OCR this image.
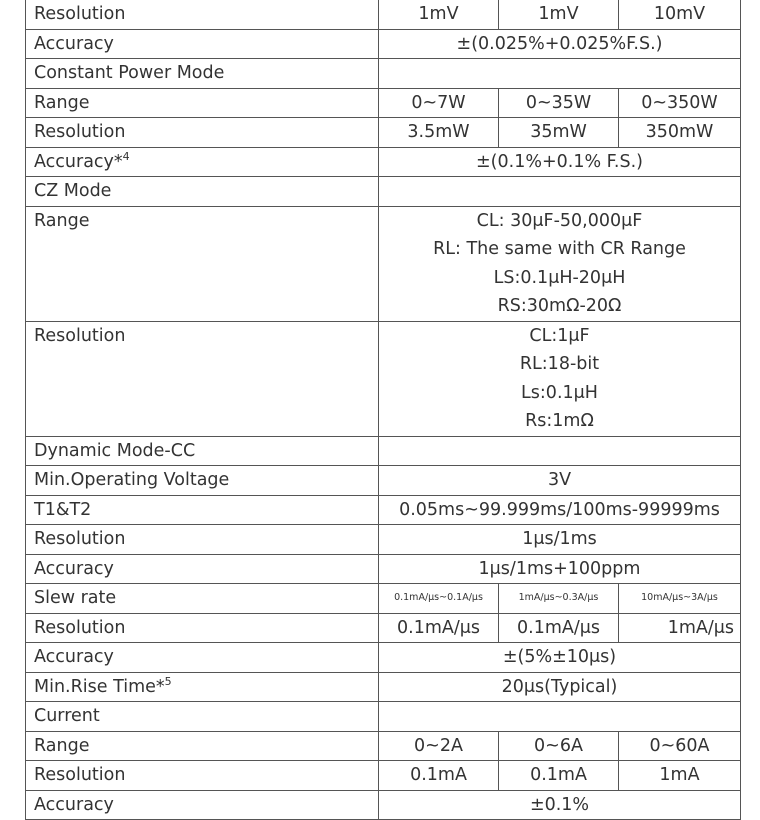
Resolution	1mV	1mV	10mV
Accuracy	±(0.025%+0.025%F.S.)		
Constant Power Mode			
Range	0~7W	0~35W	0~350W
Resolution	3.5mW	35mW	350mW
Accuracy*$^4$	±(0.1%+0.1% F.S.)		
CZ Mode			
Range	CL: 30μF-50,000μF
RL: The same with CR Range
LS:0.1μH-20μH
RS:30mΩ-20Ω		

Resolution	CL:1μF
RL:18-bit
Ls:0.1μH
Rs:1mΩ		

Dynamic Mode-CC			
Min.Operating Voltage	3V		
T1&T2	0.05ms~99.999ms/100ms-99999ms		
Resolution	1μs/1ms		
Accuracy	1μs/1ms+100ppm		
Slew rate	0.1mA/μs~0.1A/μs	1mA/μs~0.3A/μs	10mA/μs~3A/μs
Resolution	0.1mA/μs	0.1mA/μs	1mA/μs
Accuracy	±(5%±10μs)		
Min.Rise Time*$^5$	20μs(Typical)		
Current			
Range	0~2A	0~6A	0~60A
Resolution	0.1mA	0.1mA	1mA
Accuracy	±0.1%		
